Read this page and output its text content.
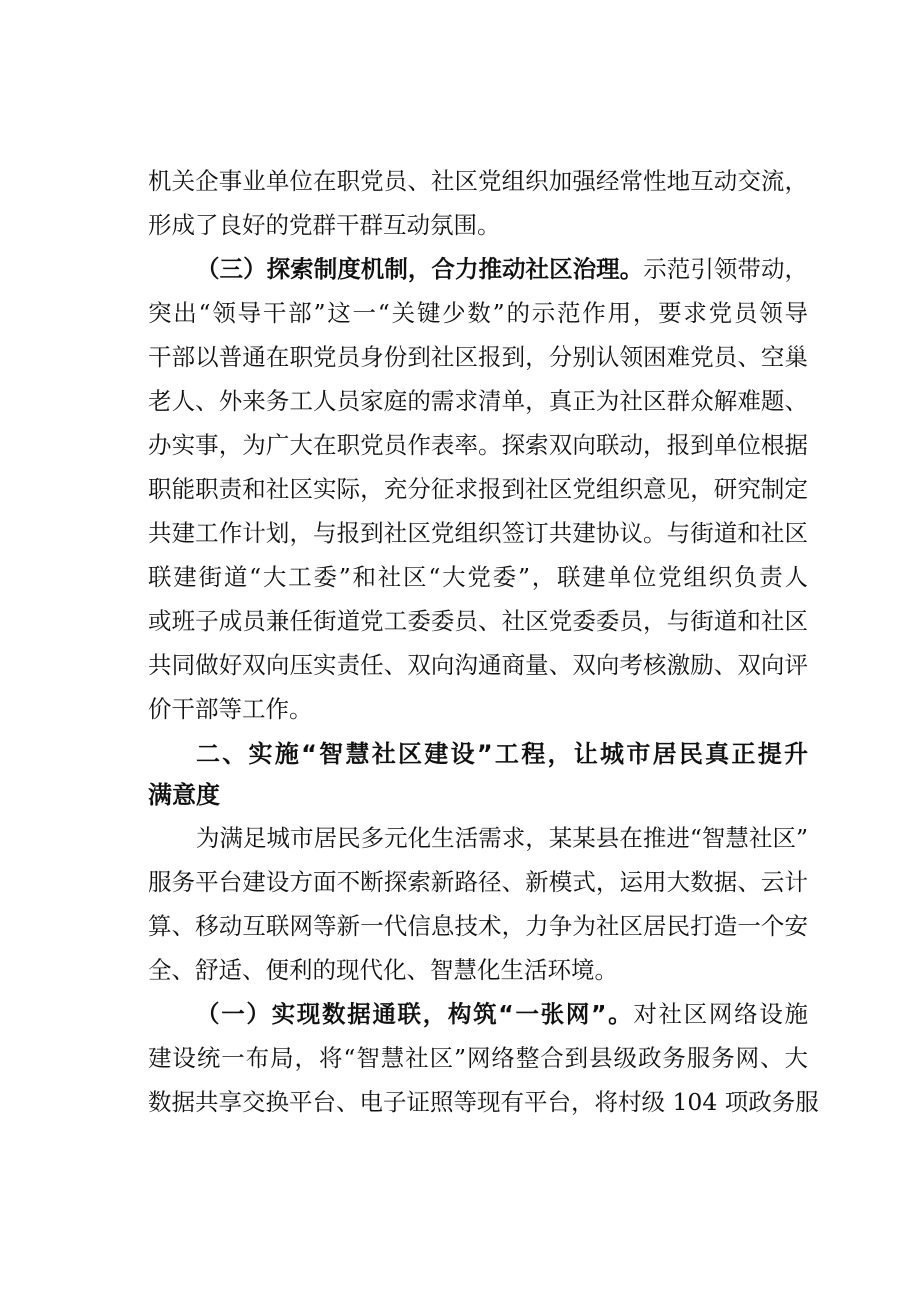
机关企事业单位在职党员、社区党组织加强经常性地互动交流，
形成了良好的党群干群互动氛围。
（三）探索制度机制，合力推动社区治理。示范引领带动，
突出“领导干部”这一“关键少数”的示范作用，要求党员领导
干部以普通在职党员身份到社区报到，分别认领困难党员、空巢
老人、外来务工人员家庭的需求清单，真正为社区群众解难题、
办实事，为广大在职党员作表率。探索双向联动，报到单位根据
职能职责和社区实际，充分征求报到社区党组织意见，研究制定
共建工作计划，与报到社区党组织签订共建协议。与街道和社区
联建街道“大工委”和社区“大党委”，联建单位党组织负责人
或班子成员兼任街道党工委委员、社区党委委员，与街道和社区
共同做好双向压实责任、双向沟通商量、双向考核激励、双向评
价干部等工作。
二、实施“智慧社区建设”工程，让城市居民真正提升
满意度
为满足城市居民多元化生活需求，某某县在推进“智慧社区”
服务平台建设方面不断探索新路径、新模式，运用大数据、云计
算、移动互联网等新一代信息技术，力争为社区居民打造一个安
全、舒适、便利的现代化、智慧化生活环境。
（一）实现数据通联，构筑“一张网”。对社区网络设施
建设统一布局，将“智慧社区”网络整合到县级政务服务网、大
数据共享交换平台、电子证照等现有平台，将村级 104 项政务服
